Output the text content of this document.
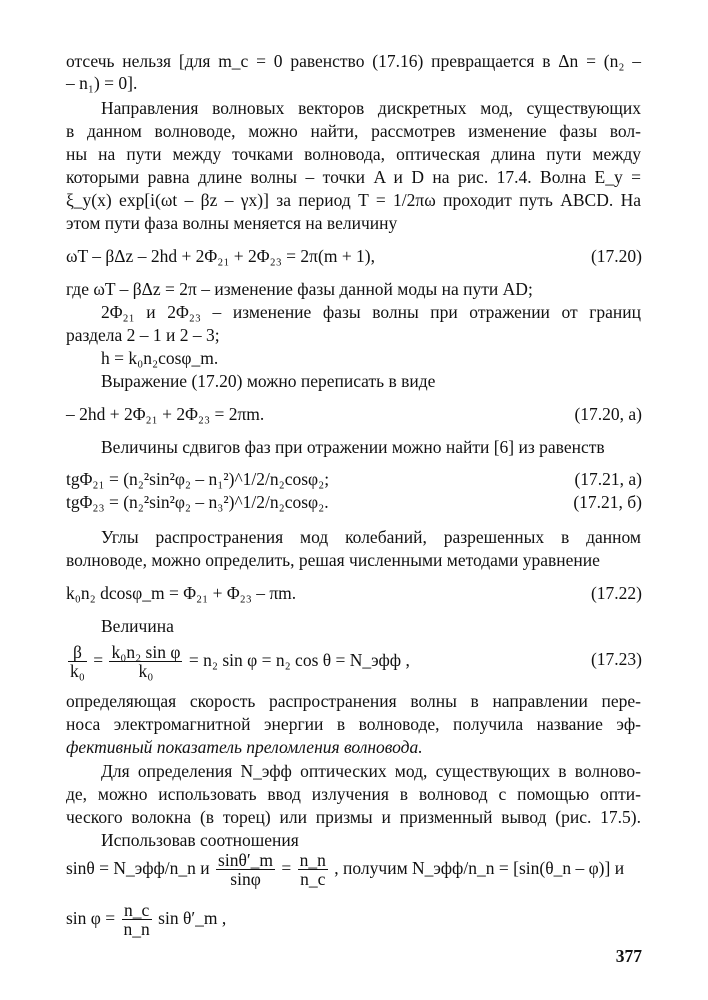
отсечь нельзя [для m_c = 0 равенство (17.16) превращается в Δn = (n₂ –
– n₁) = 0].
Направления волновых векторов дискретных мод, существующих
в данном волноводе, можно найти, рассмотрев изменение фазы вол-
ны на пути между точками волновода, оптическая длина пути между
которыми равна длине волны – точки A и D на рис. 17.4. Волна E_y =
ξ_y(x) exp[i(ωt – βz – γx)] за период T = 1/2πω проходит путь ABCD. На
этом пути фаза волны меняется на величину
ωT – βΔz – 2hd + 2Φ₂₁ + 2Φ₂₃ = 2π(m + 1),	(17.20)
где ωT – βΔz = 2π – изменение фазы данной моды на пути AD;
2Φ₂₁ и 2Φ₂₃ – изменение фазы волны при отражении от границ
раздела 2 – 1 и 2 – 3;
h = k₀n₂cosφ_m.
Выражение (17.20) можно переписать в виде
– 2hd + 2Φ₂₁ + 2Φ₂₃ = 2πm.	(17.20, а)
Величины сдвигов фаз при отражении можно найти [6] из равенств
tgΦ₂₁ = (n₂²sin²φ₂ – n₁²)^1/2/n₂cosφ₂;	(17.21, а)
tgΦ₂₃ = (n₂²sin²φ₂ – n₃²)^1/2/n₂cosφ₂.	(17.21, б)
Углы распространения мод колебаний, разрешенных в данном
волноводе, можно определить, решая численными методами уравнение
k₀n₂ dcosφ_m = Φ₂₁ + Φ₂₃ – πm.	(17.22)
Величина
$\frac{\beta}{\text{k₀}} = \frac{\text{k₀n₂ sin φ}}{\text{k₀}} = n_2$ sin φ = n₂ cos θ = N_эфф ,	(17.23)
определяющая скорость распространения волны в направлении пере-
носа электромагнитной энергии в волноводе, получила название эф-
фективный показатель преломления волновода.
Для определения N_эфф оптических мод, существующих в волново-
де, можно использовать ввод излучения в волновод с помощью опти-
ческого волокна (в торец) или призмы и призменный вывод (рис. 17.5).
Использовав соотношения
sinθ = N_эфф/n_n и $\frac{\sin\theta'\_m}{\sin\varphi} = \frac{n\_n}{n\_c}$ , получим N_эфф/n_n = [sin(θ_n – φ)] и
$\sin \varphi = \frac{n\_c}{n\_n}$ sin θ′_m ,
377
